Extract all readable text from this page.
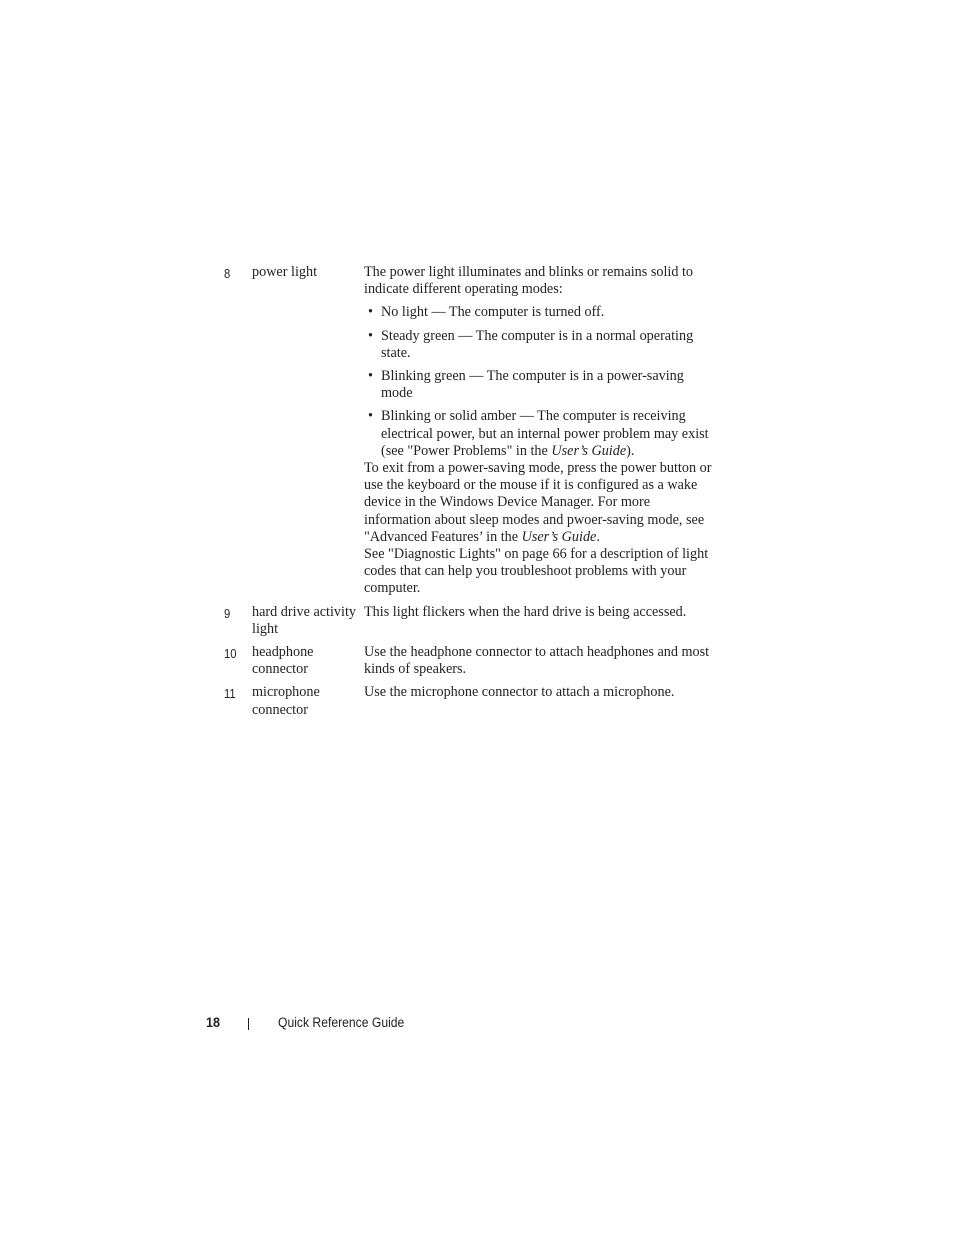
8 power light	The power light illuminates and blinks or remains solid to indicate different operating modes:

• No light — The computer is turned off.
• Steady green — The computer is in a normal operating state.
• Blinking green — The computer is in a power-saving mode
• Blinking or solid amber — The computer is receiving electrical power, but an internal power problem may exist (see "Power Problems" in the User’s Guide).

To exit from a power-saving mode, press the power button or use the keyboard or the mouse if it is configured as a wake device in the Windows Device Manager. For more information about sleep modes and pwoer-saving mode, see "Advanced Features’ in the User’s Guide.

See "Diagnostic Lights" on page 66 for a description of light codes that can help you troubleshoot problems with your computer.

9 hard drive activity light

This light flickers when the hard drive is being accessed.

10 headphone connector

Use the headphone connector to attach headphones and most kinds of speakers.

11 microphone connector

Use the microphone connector to attach a microphone.

18	Quick Reference Guide
